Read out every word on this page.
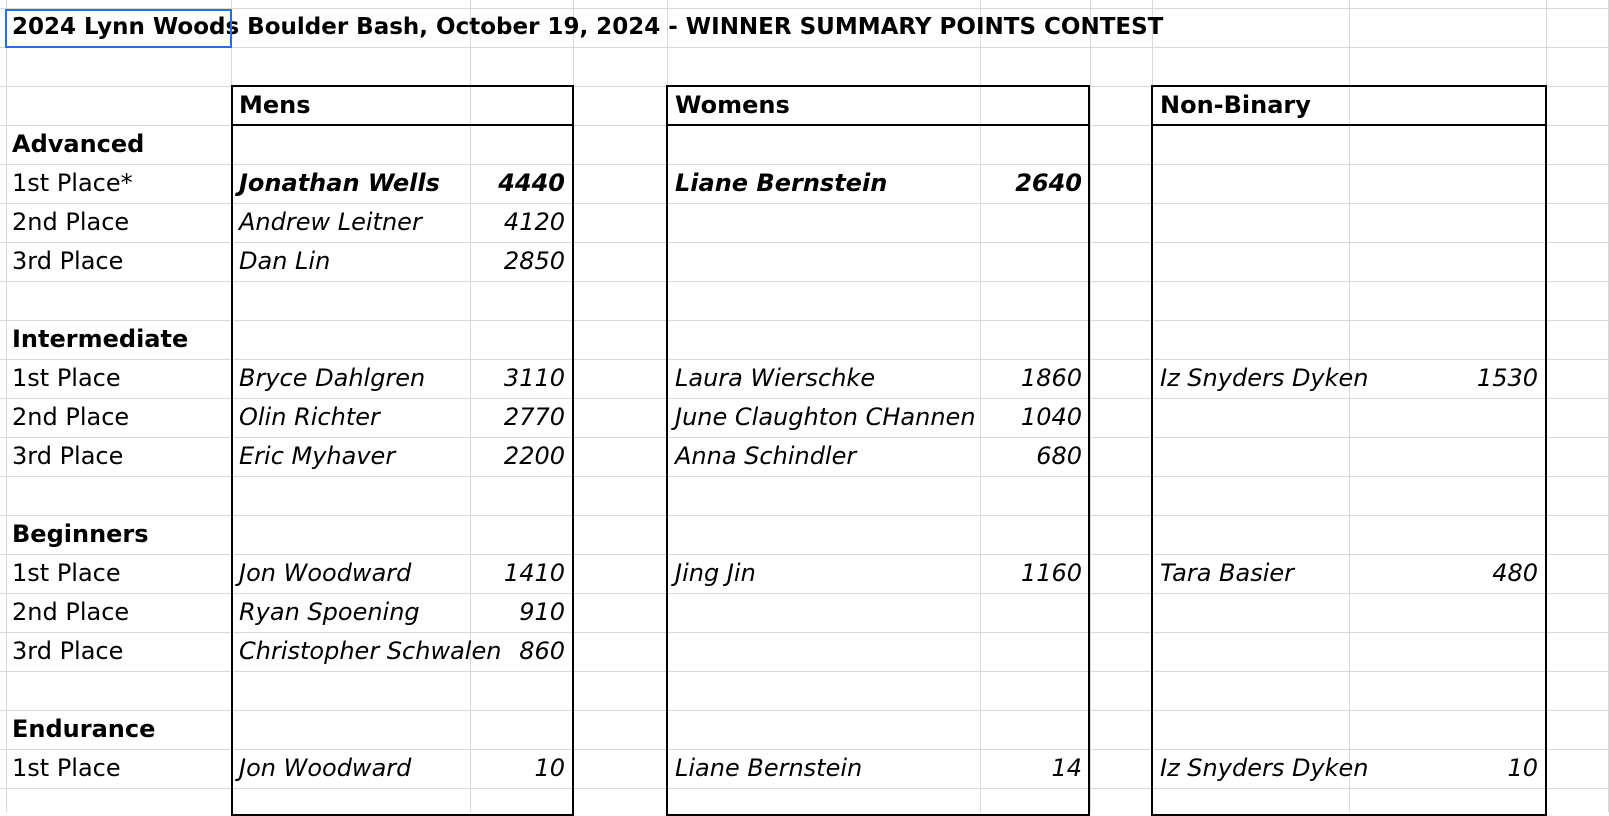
2024 Lynn Woods Boulder Bash, October 19, 2024 - WINNER SUMMARY POINTS CONTEST
Mens	Womens	Non-Binary
Advanced
1st Place*	Jonathan Wells	4440	Liane Bernstein	2640
2nd Place	Andrew Leitner	4120
3rd Place	Dan Lin	2850
Intermediate
1st Place	Bryce Dahlgren	3110	Laura Wierschke	1860	Iz Snyders Dyken	1530
2nd Place	Olin Richter	2770	June Claughton CHannen	1040
3rd Place	Eric Myhaver	2200	Anna Schindler	680
Beginners
1st Place	Jon Woodward	1410	Jing Jin	1160	Tara Basier	480
2nd Place	Ryan Spoening	910
3rd Place	Christopher Schwalen 860
Endurance
1st Place	Jon Woodward	10	Liane Bernstein	14	Iz Snyders Dyken	10
